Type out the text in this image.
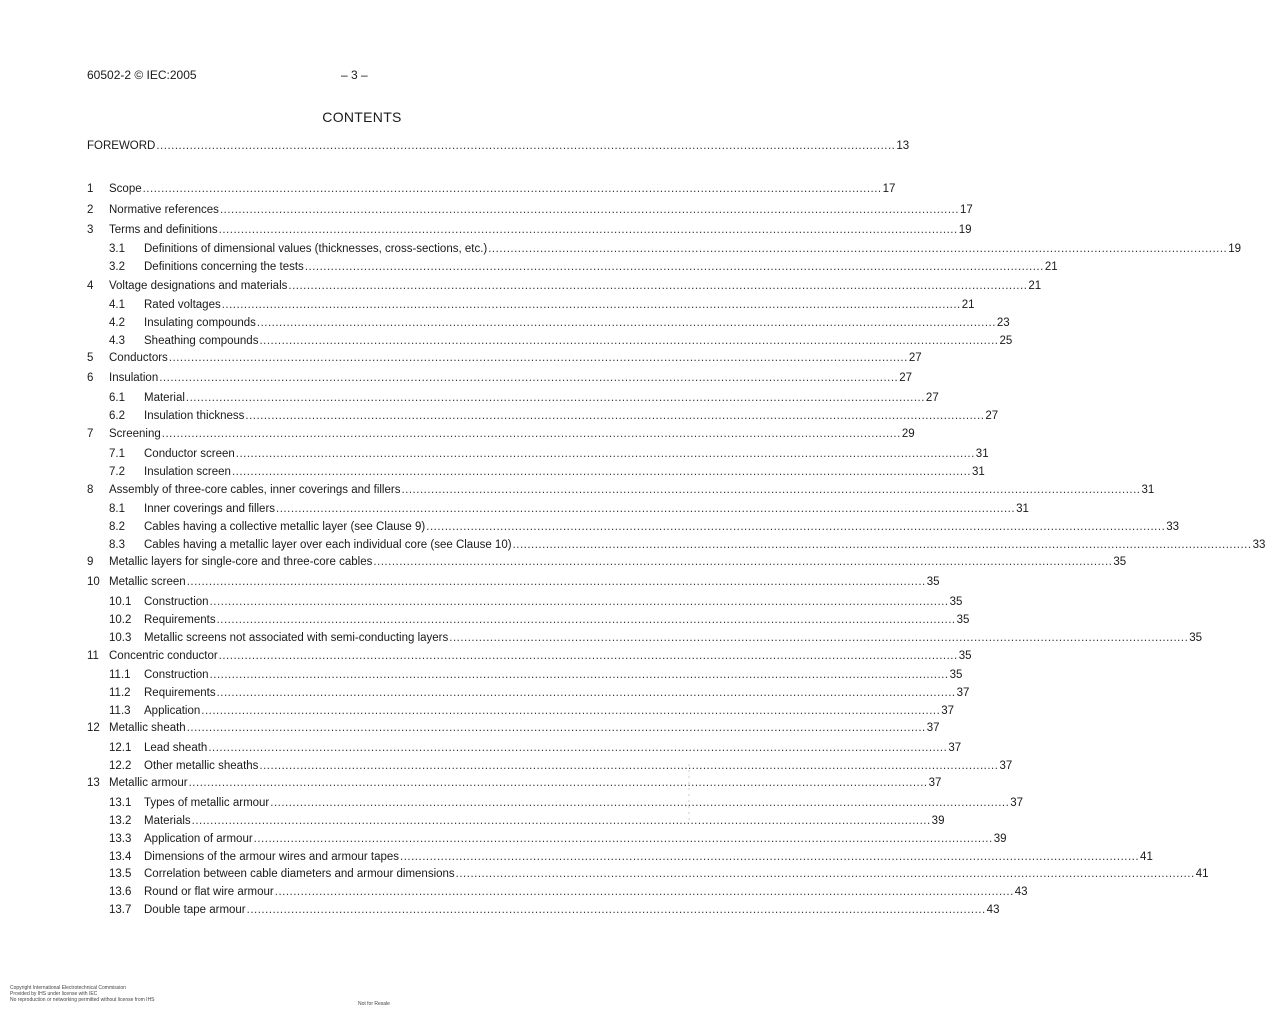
60502-2 © IEC:2005	– 3 –
CONTENTS
FOREWORD ........................................................................................................................................................................................................ 13
1 Scope ........................................................................................................................................................................................................ 17
2 Normative references ........................................................................................................................................................................................................ 17
3 Terms and definitions ........................................................................................................................................................................................................ 19
3.1 Definitions of dimensional values (thicknesses, cross-sections, etc.) ........................................................................................................................................................................................................ 19
3.2 Definitions concerning the tests ........................................................................................................................................................................................................ 21
4 Voltage designations and materials ........................................................................................................................................................................................................ 21
4.1 Rated voltages ........................................................................................................................................................................................................ 21
4.2 Insulating compounds ........................................................................................................................................................................................................ 23
4.3 Sheathing compounds ........................................................................................................................................................................................................ 25
5 Conductors ........................................................................................................................................................................................................ 27
6 Insulation ........................................................................................................................................................................................................ 27
6.1 Material ........................................................................................................................................................................................................ 27
6.2 Insulation thickness ........................................................................................................................................................................................................ 27
7 Screening ........................................................................................................................................................................................................ 29
7.1 Conductor screen ........................................................................................................................................................................................................ 31
7.2 Insulation screen ........................................................................................................................................................................................................ 31
8 Assembly of three-core cables, inner coverings and fillers ........................................................................................................................................................................................................ 31
8.1 Inner coverings and fillers ........................................................................................................................................................................................................ 31
8.2 Cables having a collective metallic layer (see Clause 9) ........................................................................................................................................................................................................ 33
8.3 Cables having a metallic layer over each individual core (see Clause 10) ........................................................................................................................................................................................................ 33
9 Metallic layers for single-core and three-core cables ........................................................................................................................................................................................................ 35
10 Metallic screen ........................................................................................................................................................................................................ 35
10.1 Construction ........................................................................................................................................................................................................ 35
10.2 Requirements ........................................................................................................................................................................................................ 35
10.3 Metallic screens not associated with semi-conducting layers ........................................................................................................................................................................................................ 35
11 Concentric conductor ........................................................................................................................................................................................................ 35
11.1 Construction ........................................................................................................................................................................................................ 35
11.2 Requirements ........................................................................................................................................................................................................ 37
11.3 Application ........................................................................................................................................................................................................ 37
12 Metallic sheath ........................................................................................................................................................................................................ 37
12.1 Lead sheath ........................................................................................................................................................................................................ 37
12.2 Other metallic sheaths ........................................................................................................................................................................................................ 37
13 Metallic armour ........................................................................................................................................................................................................ 37
13.1 Types of metallic armour ........................................................................................................................................................................................................ 37
13.2 Materials ........................................................................................................................................................................................................ 39
13.3 Application of armour ........................................................................................................................................................................................................ 39
13.4 Dimensions of the armour wires and armour tapes ........................................................................................................................................................................................................ 41
13.5 Correlation between cable diameters and armour dimensions ........................................................................................................................................................................................................ 41
13.6 Round or flat wire armour ........................................................................................................................................................................................................ 43
13.7 Double tape armour ........................................................................................................................................................................................................ 43
Copyright International Electrotechnical Commission
Provided by IHS under license with IEC
No reproduction or networking permitted without license from IHS
Not for Resale
